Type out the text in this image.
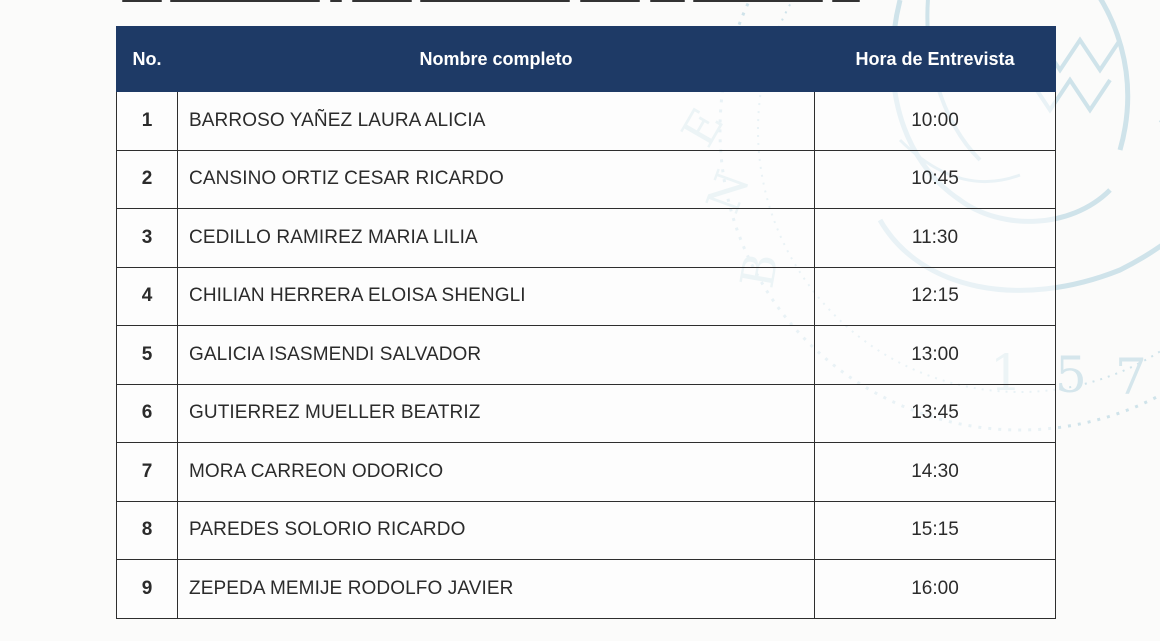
5 7
No.	Nombre completo	Hora de Entrevista
1	BARROSO YAÑEZ LAURA ALICIA	10:00
2	CANSINO ORTIZ CESAR RICARDO	10:45
3	CEDILLO RAMIREZ MARIA LILIA	11:30
4	CHILIAN HERRERA ELOISA SHENGLI	12:15
5	GALICIA ISASMENDI SALVADOR	13:00
6	GUTIERREZ MUELLER BEATRIZ	13:45
7	MORA CARREON ODORICO	14:30
8	PAREDES SOLORIO RICARDO	15:15
9	ZEPEDA MEMIJE RODOLFO JAVIER	16:00
